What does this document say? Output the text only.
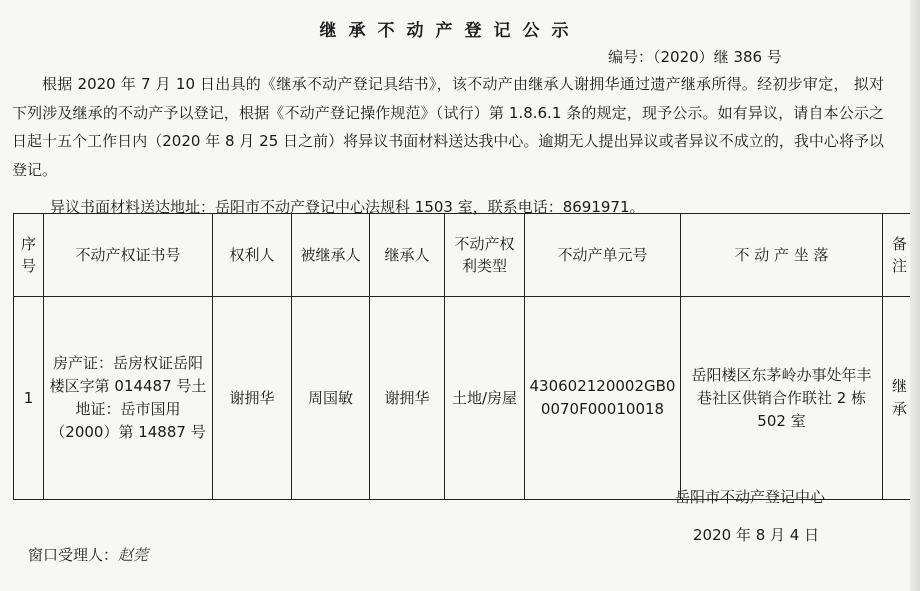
继承不动产登记公示
编号：（2020）继 386 号
根据 2020 年 7 月 10 日出具的《继承不动产登记具结书》，该不动产由继承人谢拥华通过遗产继承所得。经初步审定， 拟对下列涉及继承的不动产予以登记，根据《不动产登记操作规范》（试行）第 1.8.6.1 条的规定，现予公示。如有异议，请自本公示之日起十五个工作日内（2020 年 8 月 25 日之前）将异议书面材料送达我中心。逾期无人提出异议或者异议不成立的，我中心将予以登记。
异议书面材料送达地址：岳阳市不动产登记中心法规科 1503 室，联系电话：8691971。
序号	不动产权证书号	权利人	被继承人	继承人	不动产权利类型	不动产单元号	不 动 产 坐 落	备注
1	房产证：岳房权证岳阳楼区字第 014487 号土地证：岳市国用（2000）第 14887 号	谢拥华	周国敏	谢拥华	土地/房屋	430602120002GB00070F00010018	岳阳楼区东茅岭办事处年丰巷社区供销合作联社 2 栋 502 室	继承
岳阳市不动产登记中心
2020 年 8 月 4 日
窗口受理人：赵莞
